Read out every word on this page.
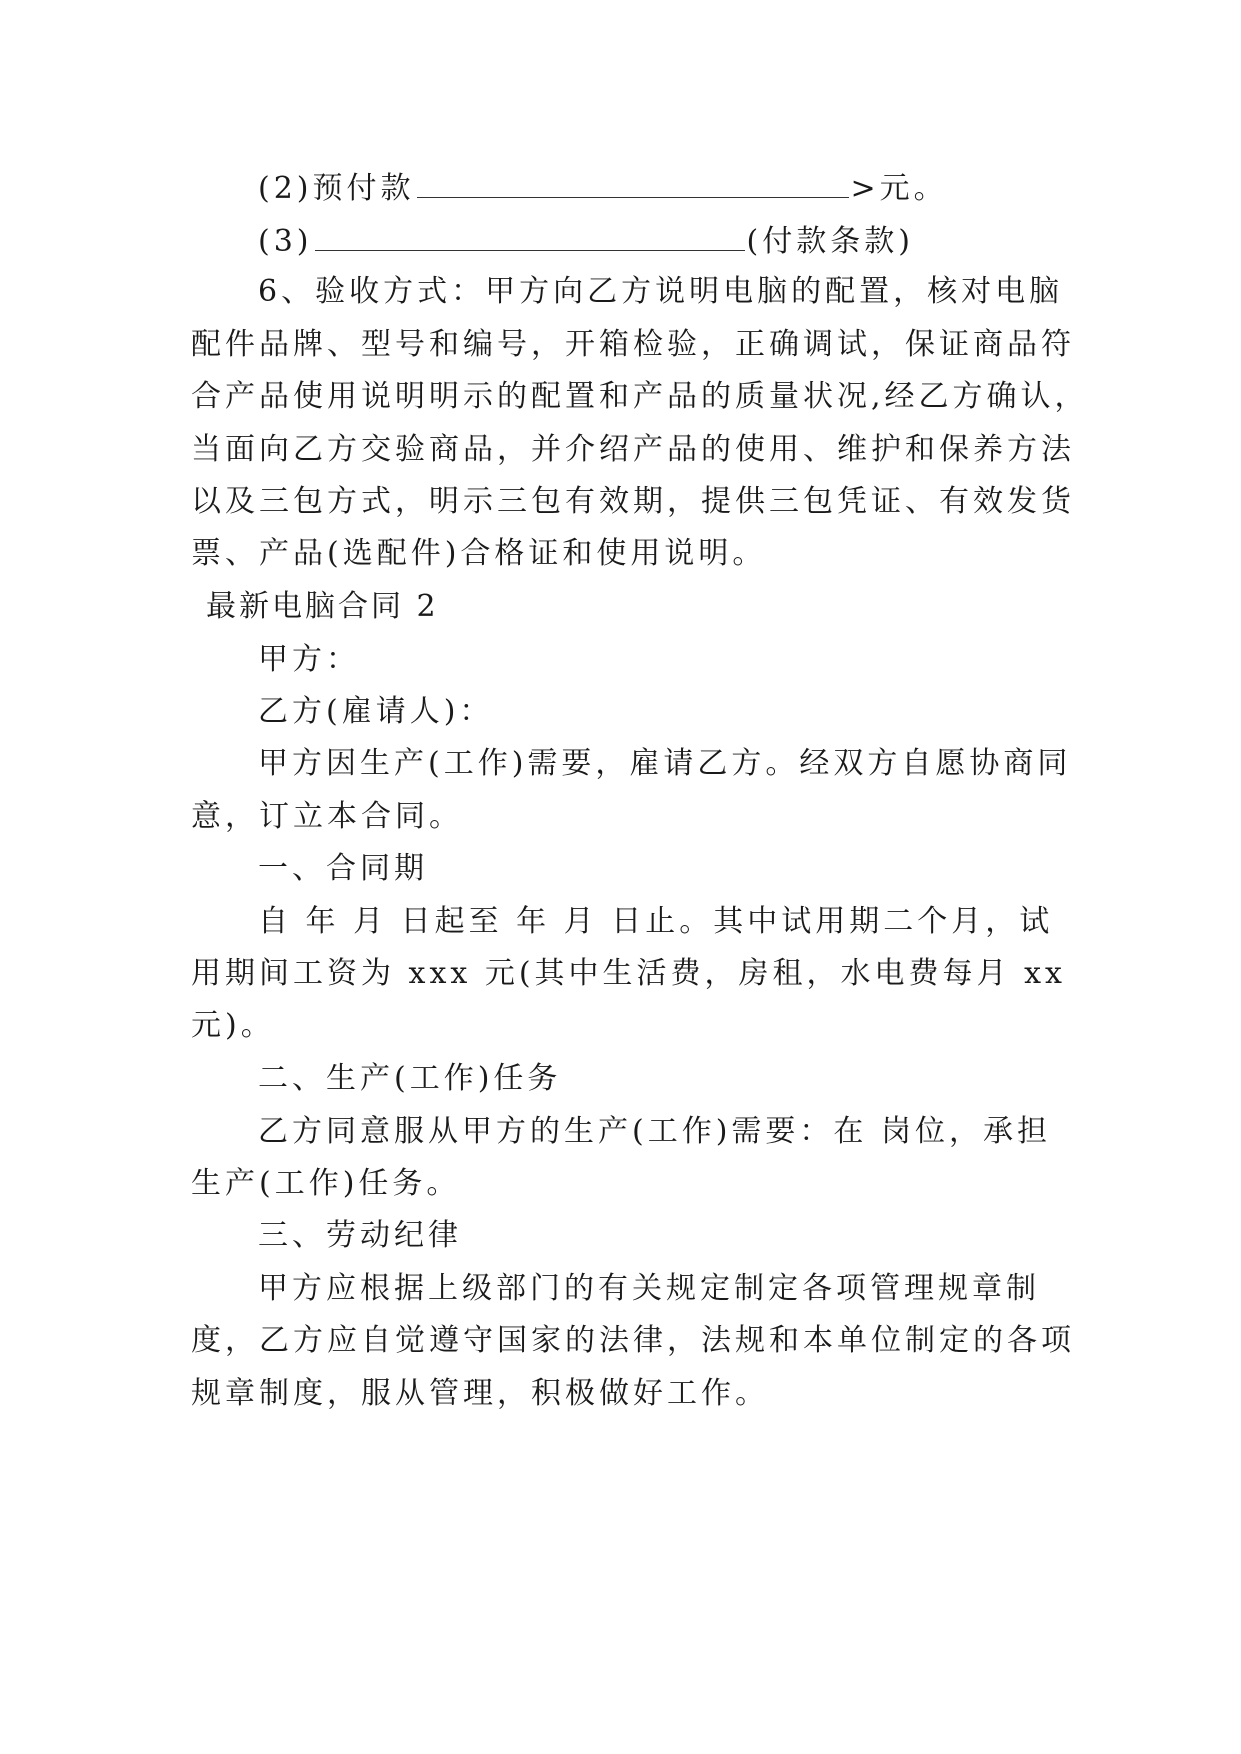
(2)预付款	>元。
(3)	(付款条款)
6、验收方式：甲方向乙方说明电脑的配置，核对电脑
配件品牌、型号和编号，开箱检验，正确调试，保证商品符
合产品使用说明明示的配置和产品的质量状况,经乙方确认，
当面向乙方交验商品，并介绍产品的使用、维护和保养方法
以及三包方式，明示三包有效期，提供三包凭证、有效发货
票、产品(选配件)合格证和使用说明。
最新电脑合同 2
甲方：
乙方(雇请人)：
甲方因生产(工作)需要，雇请乙方。经双方自愿协商同
意，订立本合同。
一、合同期
自 年 月 日起至 年 月 日止。其中试用期二个月，试
用期间工资为 xxx 元(其中生活费，房租，水电费每月 xx
元)。
二、生产(工作)任务
乙方同意服从甲方的生产(工作)需要：在 岗位，承担
生产(工作)任务。
三、劳动纪律
甲方应根据上级部门的有关规定制定各项管理规章制
度，乙方应自觉遵守国家的法律，法规和本单位制定的各项
规章制度，服从管理，积极做好工作。
